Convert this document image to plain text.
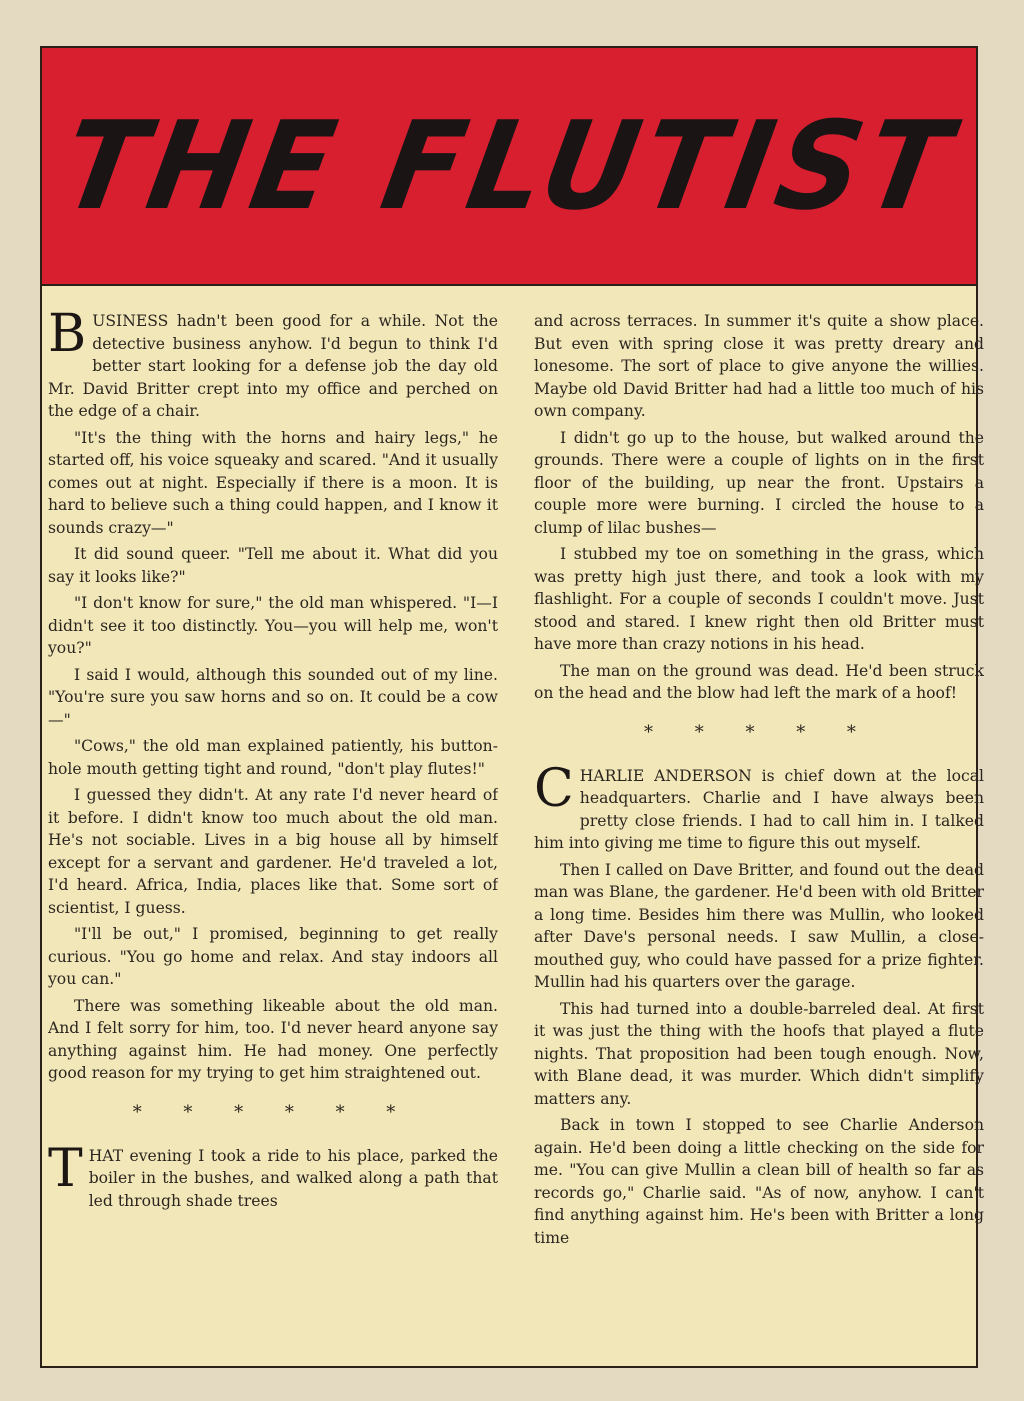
THE FLUTIST

BUSINESS hadn't been good for a while. Not the detective business anyhow. I'd begun to think I'd better start looking for a defense job the day old Mr. David Britter crept into my office and perched on the edge of a chair.

"It's the thing with the horns and hairy legs," he started off, his voice squeaky and scared. "And it usually comes out at night. Especially if there is a moon. It is hard to believe such a thing could happen, and I know it sounds crazy—"

It did sound queer. "Tell me about it. What did you say it looks like?"

"I don't know for sure," the old man whispered. "I—I didn't see it too distinctly. You—you will help me, won't you?"

I said I would, although this sounded out of my line. "You're sure you saw horns and so on. It could be a cow—"

"Cows," the old man explained patiently, his button-hole mouth getting tight and round, "don't play flutes!"

I guessed they didn't. At any rate I'd never heard of it before. I didn't know too much about the old man. He's not sociable. Lives in a big house all by himself except for a servant and gardener. He'd traveled a lot, I'd heard. Africa, India, places like that. Some sort of scientist, I guess.

"I'll be out," I promised, beginning to get really curious. "You go home and relax. And stay indoors all you can."

There was something likeable about the old man. And I felt sorry for him, too. I'd never heard anyone say anything against him. He had money. One perfectly good reason for my trying to get him straightened out.

* * * * * *

THAT evening I took a ride to his place, parked the boiler in the bushes, and walked along a path that led through shade trees

and across terraces. In summer it's quite a show place. But even with spring close it was pretty dreary and lonesome. The sort of place to give anyone the willies. Maybe old David Britter had had a little too much of his own company.

I didn't go up to the house, but walked around the grounds. There were a couple of lights on in the first floor of the building, up near the front. Upstairs a couple more were burning. I circled the house to a clump of lilac bushes—

I stubbed my toe on something in the grass, which was pretty high just there, and took a look with my flashlight. For a couple of seconds I couldn't move. Just stood and stared. I knew right then old Britter must have more than crazy notions in his head.

The man on the ground was dead. He'd been struck on the head and the blow had left the mark of a hoof!

* * * * *

CHARLIE ANDERSON is chief down at the local headquarters. Charlie and I have always been pretty close friends. I had to call him in. I talked him into giving me time to figure this out myself.

Then I called on Dave Britter, and found out the dead man was Blane, the gardener. He'd been with old Britter a long time. Besides him there was Mullin, who looked after Dave's personal needs. I saw Mullin, a close-mouthed guy, who could have passed for a prize fighter. Mullin had his quarters over the garage.

This had turned into a double-barreled deal. At first it was just the thing with the hoofs that played a flute nights. That proposition had been tough enough. Now, with Blane dead, it was murder. Which didn't simplify matters any.

Back in town I stopped to see Charlie Anderson again. He'd been doing a little checking on the side for me. "You can give Mullin a clean bill of health so far as records go," Charlie said. "As of now, anyhow. I can't find anything against him. He's been with Britter a long time
